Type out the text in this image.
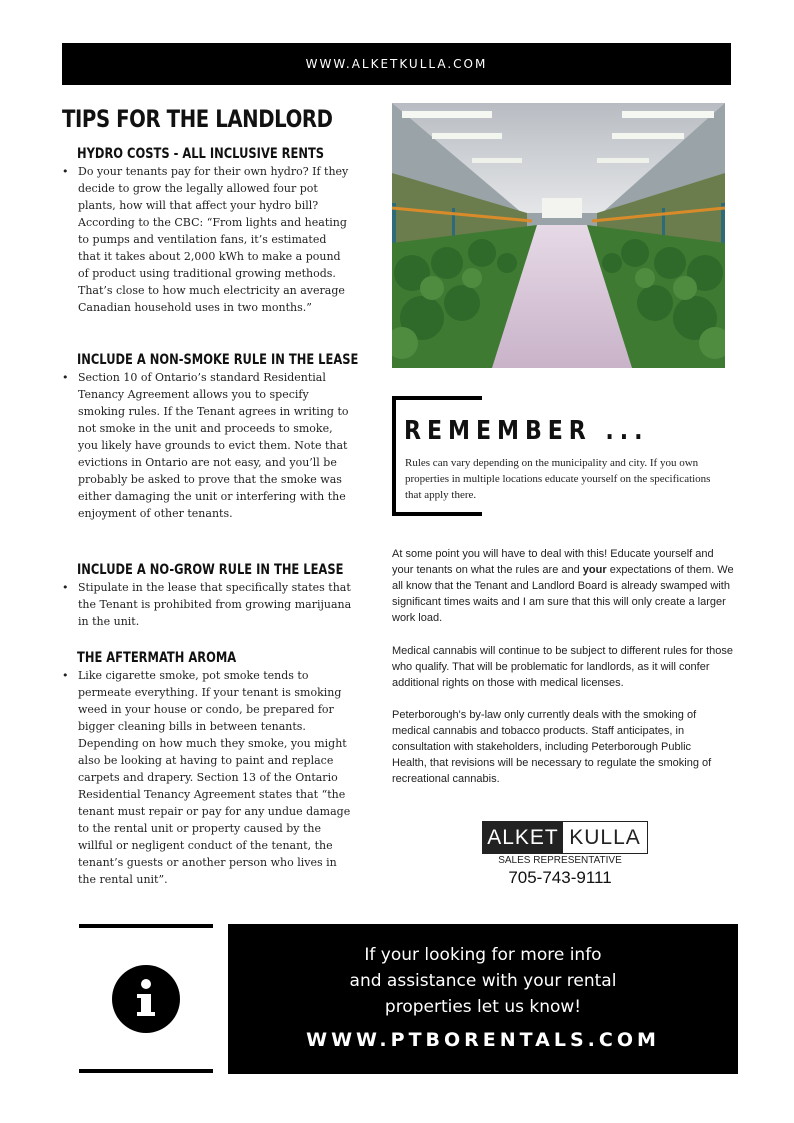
WWW.ALKETKULLA.COM
TIPS FOR THE LANDLORD
HYDRO COSTS - ALL INCLUSIVE RENTS
• Do your tenants pay for their own hydro? If they decide to grow the legally allowed four pot plants, how will that affect your hydro bill? According to the CBC: “From lights and heating to pumps and ventilation fans, it’s estimated that it takes about 2,000 kWh to make a pound of product using traditional growing methods. That’s close to how much electricity an average Canadian household uses in two months.”
INCLUDE A NON-SMOKE RULE IN THE LEASE
• Section 10 of Ontario’s standard Residential Tenancy Agreement allows you to specify smoking rules. If the Tenant agrees in writing to not smoke in the unit and proceeds to smoke, you likely have grounds to evict them. Note that evictions in Ontario are not easy, and you’ll be probably be asked to prove that the smoke was either damaging the unit or interfering with the enjoyment of other tenants.
INCLUDE A NO-GROW RULE IN THE LEASE
• Stipulate in the lease that specifically states that the Tenant is prohibited from growing marijuana in the unit.
THE AFTERMATH AROMA
• Like cigarette smoke, pot smoke tends to permeate everything. If your tenant is smoking weed in your house or condo, be prepared for bigger cleaning bills in between tenants. Depending on how much they smoke, you might also be looking at having to paint and replace carpets and drapery. Section 13 of the Ontario Residential Tenancy Agreement states that “the tenant must repair or pay for any undue damage to the rental unit or property caused by the willful or negligent conduct of the tenant, the tenant’s guests or another person who lives in the rental unit”.
REMEMBER ...
Rules can vary depending on the municipality and city. If you own properties in multiple locations educate yourself on the specifications that apply there.
At some point you will have to deal with this! Educate yourself and your tenants on what the rules are and your expectations of them. We all know that the Tenant and Landlord Board is already swamped with significant times waits and I am sure that this will only create a larger work load.
Medical cannabis will continue to be subject to different rules for those who qualify. That will be problematic for landlords, as it will confer additional rights on those with medical licenses.
Peterborough's by-law only currently deals with the smoking of medical cannabis and tobacco products. Staff anticipates, in consultation with stakeholders, including Peterborough Public Health, that revisions will be necessary to regulate the smoking of recreational cannabis.
ALKET KULLA
SALES REPRESENTATIVE
705-743-9111
If your looking for more info
and assistance with your rental
properties let us know!
WWW.PTBORENTALS.COM
